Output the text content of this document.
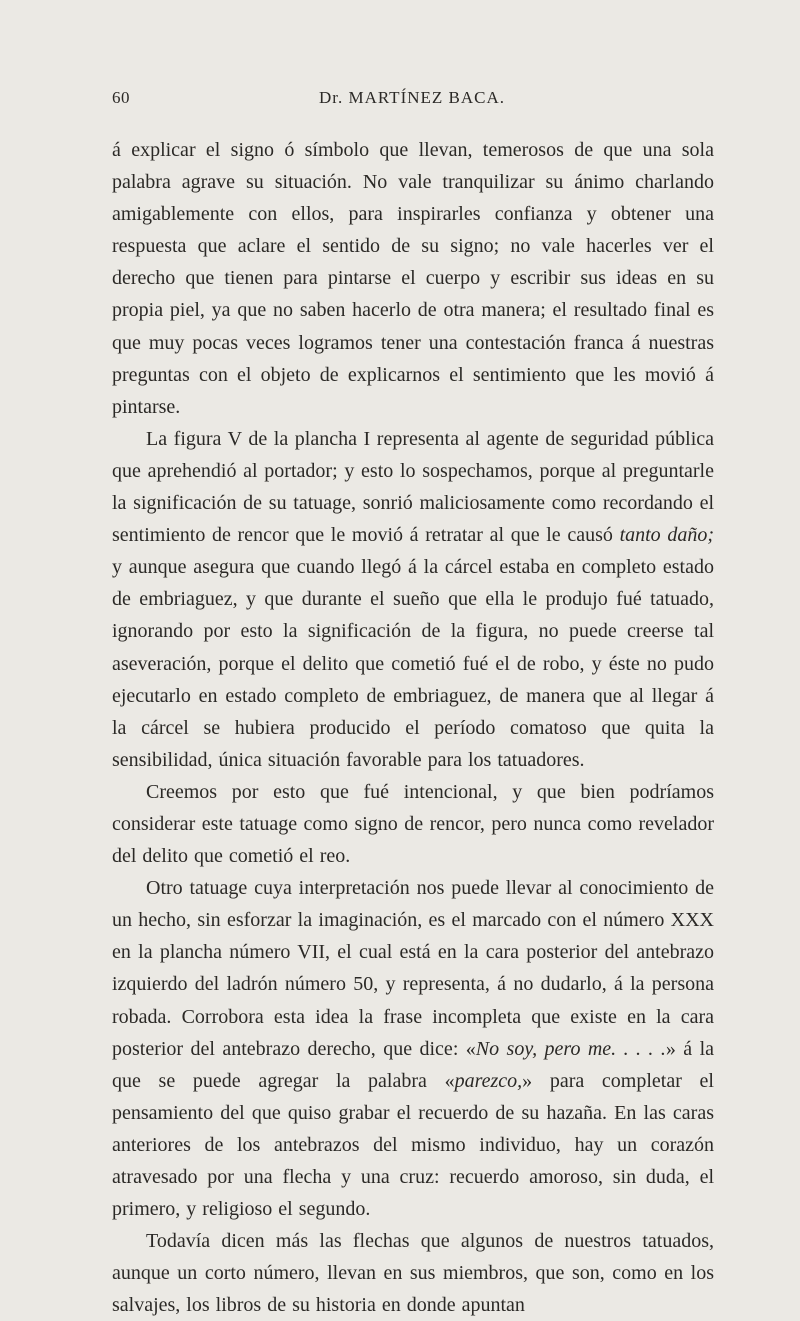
60	Dr. MARTÍNEZ BACA.

á explicar el signo ó símbolo que llevan, temerosos de que una sola palabra agrave su situación. No vale tranquilizar su ánimo charlando amigablemente con ellos, para inspirarles confianza y obtener una respuesta que aclare el sentido de su signo; no vale hacerles ver el derecho que tienen para pintarse el cuerpo y escribir sus ideas en su propia piel, ya que no saben hacerlo de otra manera; el resultado final es que muy pocas veces logramos tener una contestación franca á nuestras preguntas con el objeto de explicarnos el sentimiento que les movió á pintarse.

La figura V de la plancha I representa al agente de seguridad pública que aprehendió al portador; y esto lo sospechamos, porque al preguntarle la significación de su tatuage, sonrió maliciosamente como recordando el sentimiento de rencor que le movió á retratar al que le causó tanto daño; y aunque asegura que cuando llegó á la cárcel estaba en completo estado de embriaguez, y que durante el sueño que ella le produjo fué tatuado, ignorando por esto la significación de la figura, no puede creerse tal aseveración, porque el delito que cometió fué el de robo, y éste no pudo ejecutarlo en estado completo de embriaguez, de manera que al llegar á la cárcel se hubiera producido el período comatoso que quita la sensibilidad, única situación favorable para los tatuadores.

Creemos por esto que fué intencional, y que bien podríamos considerar este tatuage como signo de rencor, pero nunca como revelador del delito que cometió el reo.

Otro tatuage cuya interpretación nos puede llevar al conocimiento de un hecho, sin esforzar la imaginación, es el marcado con el número XXX en la plancha número VII, el cual está en la cara posterior del antebrazo izquierdo del ladrón número 50, y representa, á no dudarlo, á la persona robada. Corrobora esta idea la frase incompleta que existe en la cara posterior del antebrazo derecho, que dice: «No soy, pero me. . . . .» á la que se puede agregar la palabra «parezco,» para completar el pensamiento del que quiso grabar el recuerdo de su hazaña. En las caras anteriores de los antebrazos del mismo individuo, hay un corazón atravesado por una flecha y una cruz: recuerdo amoroso, sin duda, el primero, y religioso el segundo.

Todavía dicen más las flechas que algunos de nuestros tatuados, aunque un corto número, llevan en sus miembros, que son, como en los salvajes, los libros de su historia en donde apuntan
